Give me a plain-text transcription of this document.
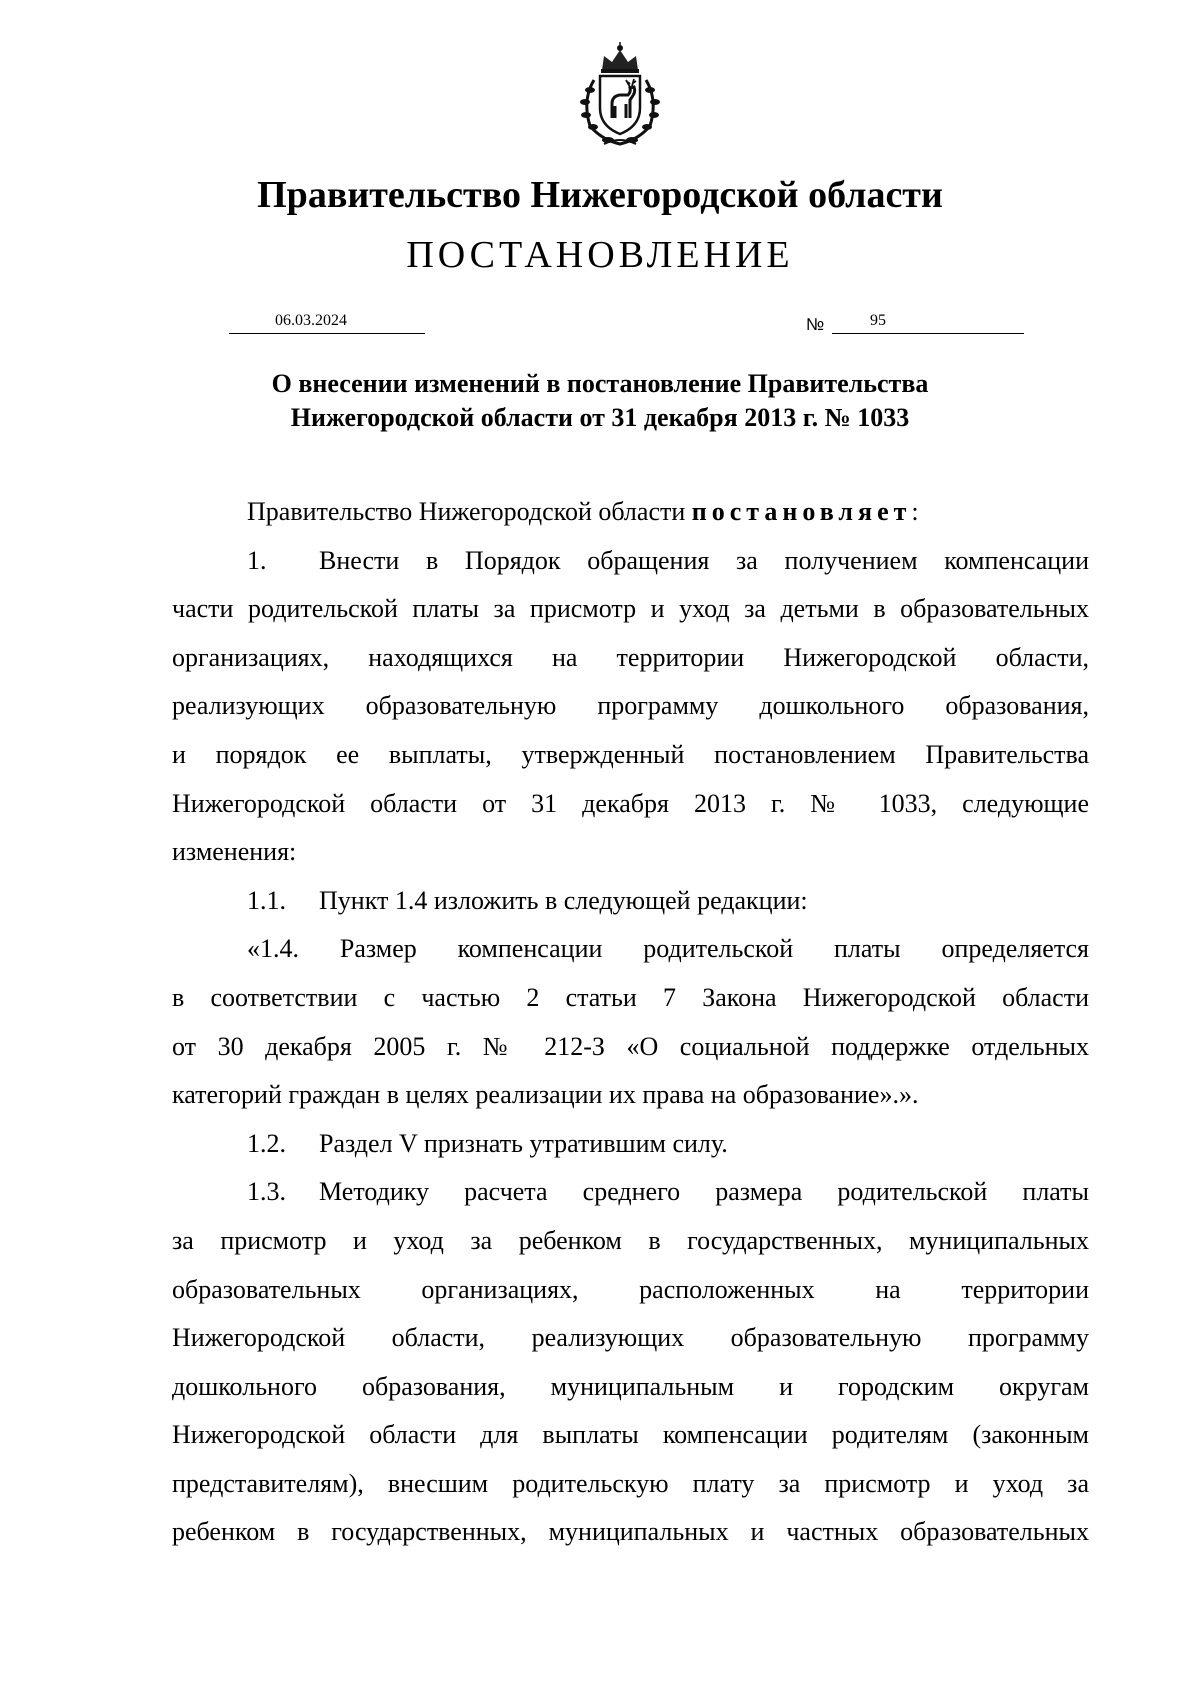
Правительство Нижегородской области
ПОСТАНОВЛЕНИЕ
06.03.2024	№	95
О внесении изменений в постановление Правительства
Нижегородской области от 31 декабря 2013 г. № 1033
Правительство Нижегородской области постановляет:
1. Внести в Порядок обращения за получением компенсации
части родительской платы за присмотр и уход за детьми в образовательных
организациях, находящихся на территории Нижегородской области,
реализующих образовательную программу дошкольного образования,
и порядок ее выплаты, утвержденный постановлением Правительства
Нижегородской области от 31 декабря 2013 г. № 1033, следующие
изменения:
1.1. Пункт 1.4 изложить в следующей редакции:
«1.4. Размер компенсации родительской платы определяется
в соответствии с частью 2 статьи 7 Закона Нижегородской области
от 30 декабря 2005 г. № 212-З «О социальной поддержке отдельных
категорий граждан в целях реализации их права на образование».».
1.2. Раздел V признать утратившим силу.
1.3. Методику расчета среднего размера родительской платы
за присмотр и уход за ребенком в государственных, муниципальных
образовательных организациях, расположенных на территории
Нижегородской области, реализующих образовательную программу
дошкольного образования, муниципальным и городским округам
Нижегородской области для выплаты компенсации родителям (законным
представителям), внесшим родительскую плату за присмотр и уход за
ребенком в государственных, муниципальных и частных образовательных
